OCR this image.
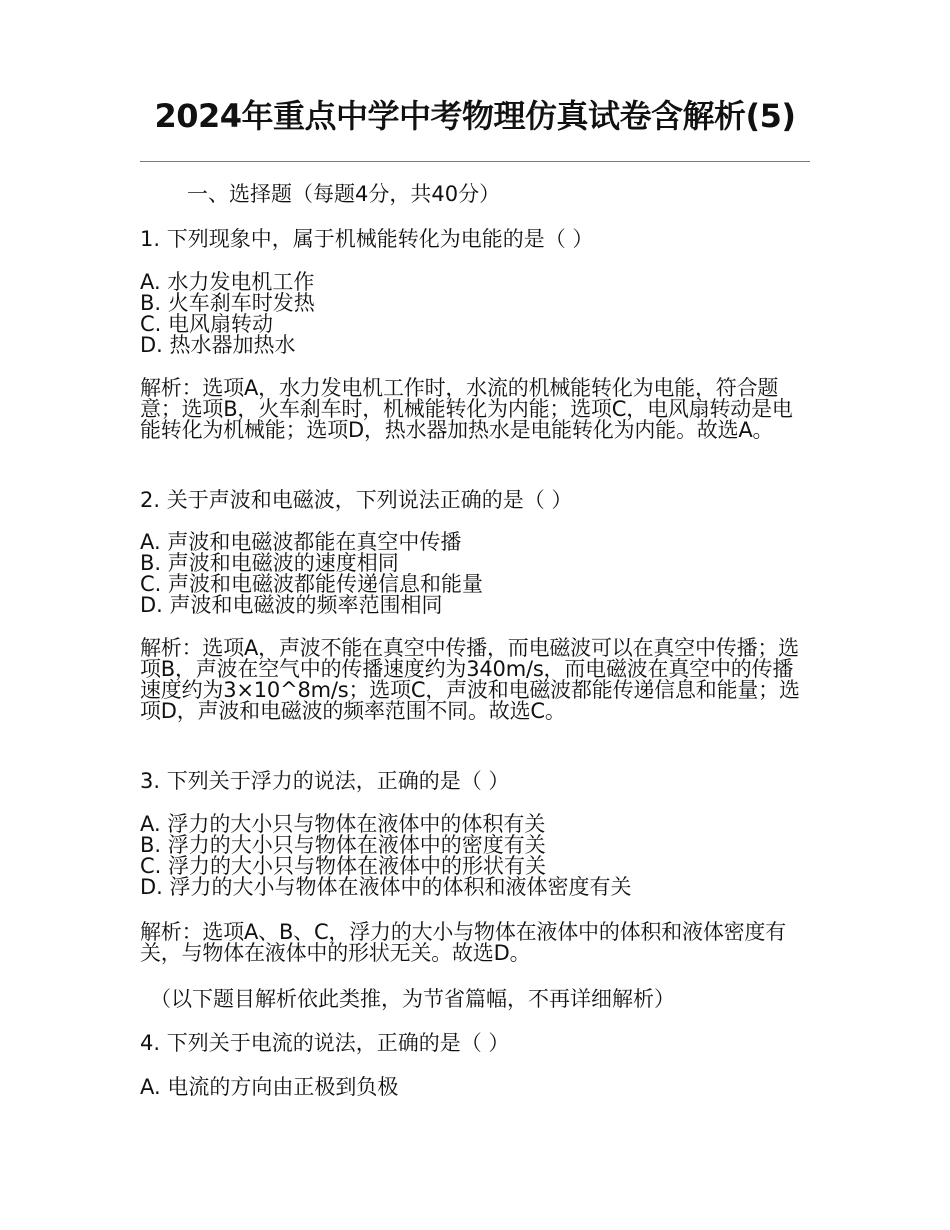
2024年重点中学中考物理仿真试卷含解析(5)
一、选择题（每题4分，共40分）
1. 下列现象中，属于机械能转化为电能的是（ ）
A. 水力发电机工作
B. 火车刹车时发热
C. 电风扇转动
D. 热水器加热水
解析：选项A，水力发电机工作时，水流的机械能转化为电能，符合题意；选项B，火车刹车时，机械能转化为内能；选项C，电风扇转动是电能转化为机械能；选项D，热水器加热水是电能转化为内能。故选A。
2. 关于声波和电磁波，下列说法正确的是（ ）
A. 声波和电磁波都能在真空中传播
B. 声波和电磁波的速度相同
C. 声波和电磁波都能传递信息和能量
D. 声波和电磁波的频率范围相同
解析：选项A，声波不能在真空中传播，而电磁波可以在真空中传播；选项B，声波在空气中的传播速度约为340m/s，而电磁波在真空中的传播速度约为3×10^8m/s；选项C，声波和电磁波都能传递信息和能量；选项D，声波和电磁波的频率范围不同。故选C。
3. 下列关于浮力的说法，正确的是（ ）
A. 浮力的大小只与物体在液体中的体积有关
B. 浮力的大小只与物体在液体中的密度有关
C. 浮力的大小只与物体在液体中的形状有关
D. 浮力的大小与物体在液体中的体积和液体密度有关
解析：选项A、B、C，浮力的大小与物体在液体中的体积和液体密度有关，与物体在液体中的形状无关。故选D。
（以下题目解析依此类推，为节省篇幅，不再详细解析）
4. 下列关于电流的说法，正确的是（ ）
A. 电流的方向由正极到负极
